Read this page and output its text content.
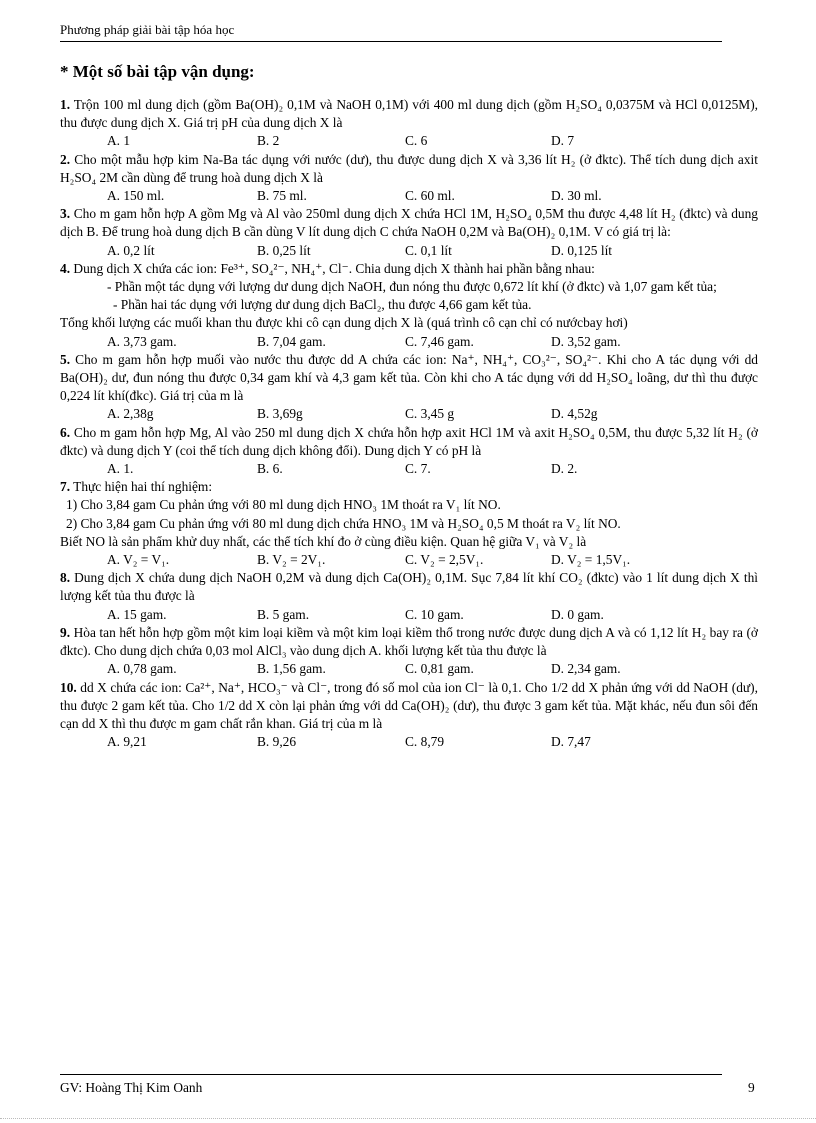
Phương pháp giải bài tập hóa học
* Một số bài tập vận dụng:

1. Trộn 100 ml dung dịch (gồm Ba(OH)₂ 0,1M và NaOH 0,1M) với 400 ml dung dịch (gồm H₂SO₄ 0,0375M và HCl 0,0125M), thu được dung dịch X. Giá trị pH của dung dịch X là

A. 1	B. 2	C. 6	D. 7

2. Cho một mẫu hợp kim Na-Ba tác dụng với nước (dư), thu được dung dịch X và 3,36 lít H₂ (ở đktc). Thể tích dung dịch axit H₂SO₄ 2M cần dùng để trung hoà dung dịch X là

A. 150 ml.	B. 75 ml.	C. 60 ml.	D. 30 ml.

3. Cho m gam hỗn hợp A gồm Mg và Al vào 250ml dung dịch X chứa HCl 1M, H₂SO₄ 0,5M thu được 4,48 lít H₂ (đktc) và dung dịch B. Để trung hoà dung dịch B cần dùng V lít dung dịch C chứa NaOH 0,2M và Ba(OH)₂ 0,1M. V có giá trị là:

A. 0,2 lít	B. 0,25 lít	C. 0,1 lít	D. 0,125 lít

4. Dung dịch X chứa các ion: Fe³⁺, SO₄²⁻, NH₄⁺, Cl⁻. Chia dung dịch X thành hai phần bằng nhau:

- Phần một tác dụng với lượng dư dung dịch NaOH, đun nóng thu được 0,672 lít khí (ở đktc) và 1,07 gam kết tủa;

- Phần hai tác dụng với lượng dư dung dịch BaCl₂, thu được 4,66 gam kết tủa.

Tổng khối lượng các muối khan thu được khi cô cạn dung dịch X là (quá trình cô cạn chỉ có nướcbay hơi)

A. 3,73 gam.	B. 7,04 gam.	C. 7,46 gam.	D. 3,52 gam.

5. Cho m gam hỗn hợp muối vào nước thu được dd A chứa các ion: Na⁺, NH₄⁺, CO₃²⁻, SO₄²⁻. Khi cho A tác dụng với dd Ba(OH)₂ dư, đun nóng thu được 0,34 gam khí và 4,3 gam kết tủa. Còn khi cho A tác dụng với dd H₂SO₄ loãng, dư thì thu được 0,224 lít khí(đkc). Giá trị của m là

A. 2,38g	B. 3,69g	C. 3,45 g	D. 4,52g

6. Cho m gam hỗn hợp Mg, Al vào 250 ml dung dịch X chứa hỗn hợp axit HCl 1M và axit H₂SO₄ 0,5M, thu được 5,32 lít H₂ (ở đktc) và dung dịch Y (coi thể tích dung dịch không đổi). Dung dịch Y có pH là

A. 1.	B. 6.	C. 7.	D. 2.

7. Thực hiện hai thí nghiệm:

1) Cho 3,84 gam Cu phản ứng với 80 ml dung dịch HNO₃ 1M thoát ra V₁ lít NO.

2) Cho 3,84 gam Cu phản ứng với 80 ml dung dịch chứa HNO₃ 1M và H₂SO₄ 0,5 M thoát ra V₂ lít NO.

Biết NO là sản phẩm khử duy nhất, các thể tích khí đo ở cùng điều kiện. Quan hệ giữa V₁ và V₂ là

A. V₂ = V₁.	B. V₂ = 2V₁.	C. V₂ = 2,5V₁.	D. V₂ = 1,5V₁.

8. Dung dịch X chứa dung dịch NaOH 0,2M và dung dịch Ca(OH)₂ 0,1M. Sục 7,84 lít khí CO₂ (đktc) vào 1 lít dung dịch X thì lượng kết tủa thu được là

A. 15 gam.	B. 5 gam.	C. 10 gam.	D. 0 gam.

9. Hòa tan hết hỗn hợp gồm một kim loại kiềm và một kim loại kiềm thổ trong nước được dung dịch A và có 1,12 lít H₂ bay ra (ở đktc). Cho dung dịch chứa 0,03 mol AlCl₃ vào dung dịch A. khối lượng kết tủa thu được là

A. 0,78 gam.	B. 1,56 gam.	C. 0,81 gam.	D. 2,34 gam.

10. dd X chứa các ion: Ca²⁺, Na⁺, HCO₃⁻ và Cl⁻, trong đó số mol của ion Cl⁻ là 0,1. Cho 1/2 dd X phản ứng với dd NaOH (dư), thu được 2 gam kết tủa. Cho 1/2 dd X còn lại phản ứng với dd Ca(OH)₂ (dư), thu được 3 gam kết tủa. Mặt khác, nếu đun sôi đến cạn dd X thì thu được m gam chất rắn khan. Giá trị của m là

A. 9,21	B. 9,26	C. 8,79	D. 7,47
GV: Hoàng Thị Kim Oanh	9
